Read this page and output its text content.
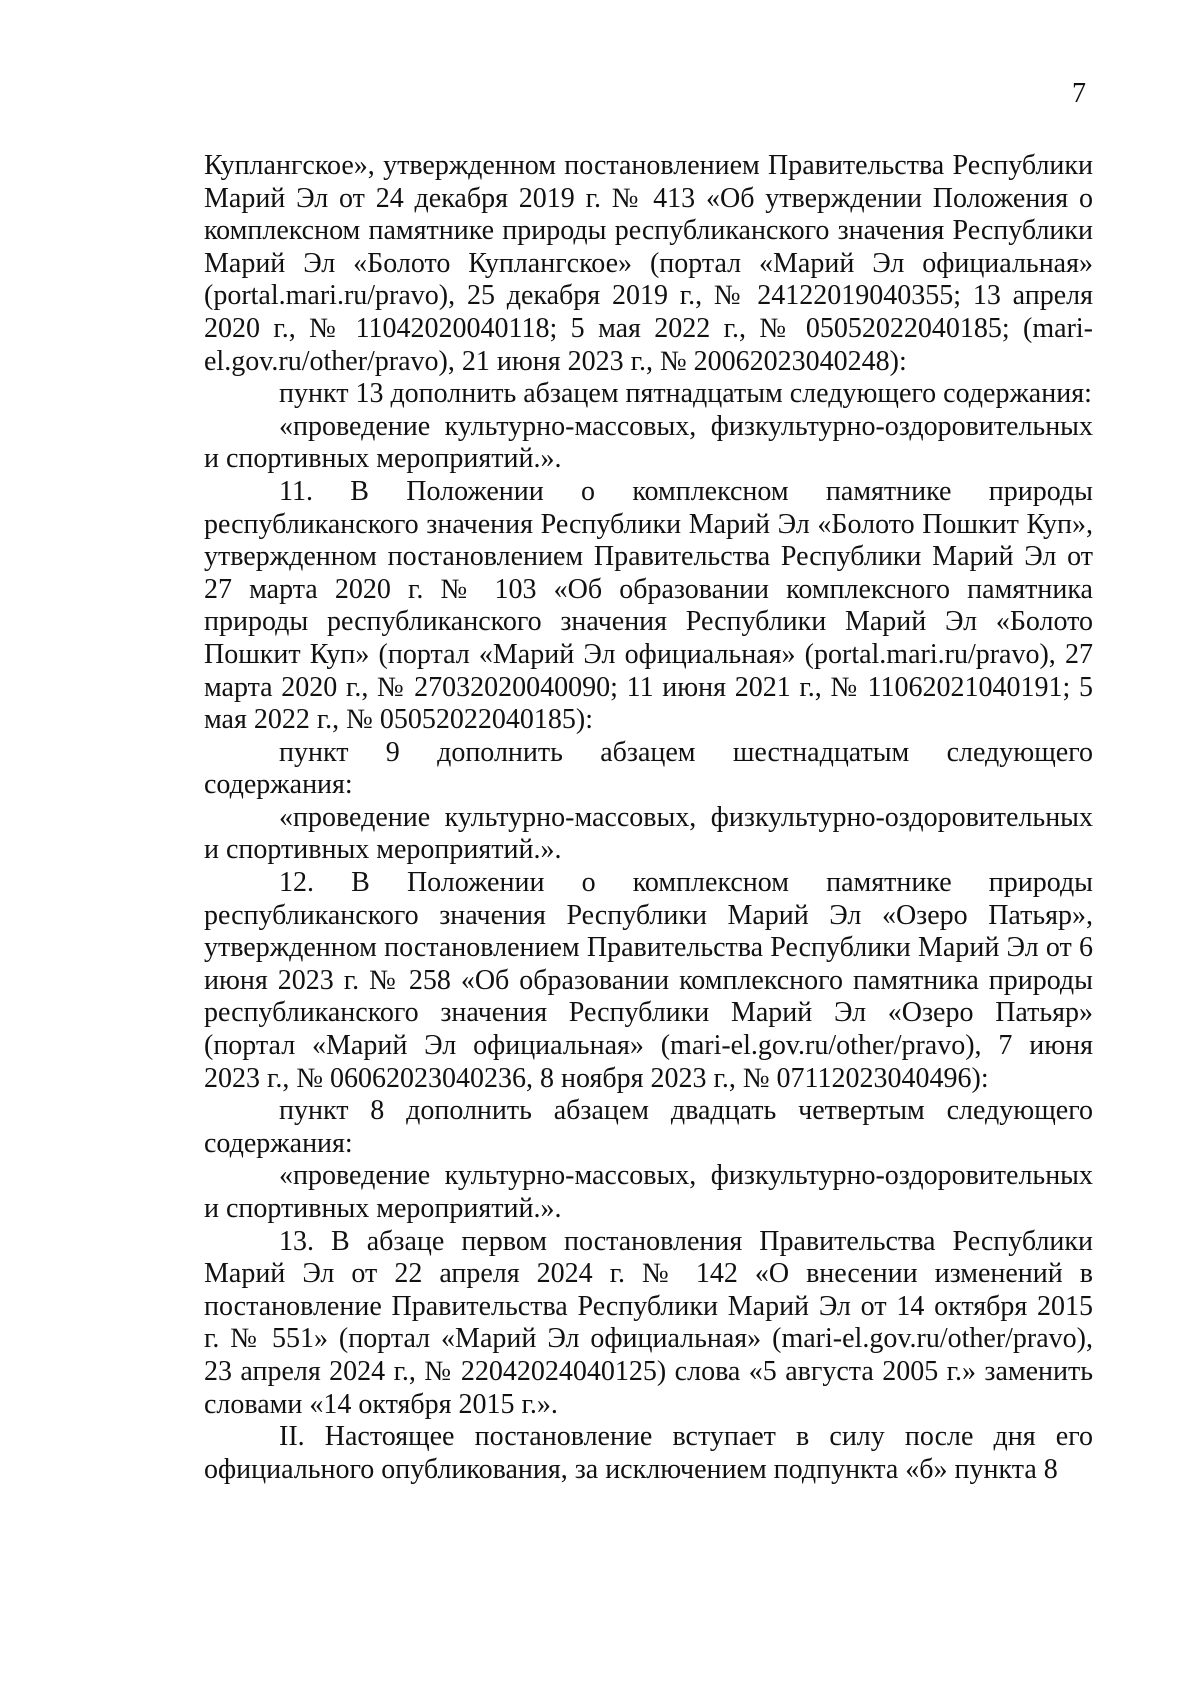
7

Куплангское», утвержденном постановлением Правительства Республики Марий Эл от 24 декабря 2019 г. № 413 «Об утверждении Положения о комплексном памятнике природы республиканского значения Республики Марий Эл «Болото Куплангское» (портал «Марий Эл официальная» (portal.mari.ru/pravo), 25 декабря 2019 г., № 24122019040355; 13 апреля 2020 г., № 11042020040118; 5 мая 2022 г., № 05052022040185; (mari-el.gov.ru/other/pravo), 21 июня 2023 г., № 20062023040248):

пункт 13 дополнить абзацем пятнадцатым следующего содержания:

«проведение культурно-массовых, физкультурно-оздоровительных и спортивных мероприятий.».

11. В Положении о комплексном памятнике природы республиканского значения Республики Марий Эл «Болото Пошкит Куп», утвержденном постановлением Правительства Республики Марий Эл от 27 марта 2020 г. № 103 «Об образовании комплексного памятника природы республиканского значения Республики Марий Эл «Болото Пошкит Куп» (портал «Марий Эл официальная» (portal.mari.ru/pravo), 27 марта 2020 г., № 27032020040090; 11 июня 2021 г., № 11062021040191; 5 мая 2022 г., № 05052022040185):

пункт 9 дополнить абзацем шестнадцатым следующего содержания:

«проведение культурно-массовых, физкультурно-оздоровительных и спортивных мероприятий.».

12. В Положении о комплексном памятнике природы республиканского значения Республики Марий Эл «Озеро Патьяр», утвержденном постановлением Правительства Республики Марий Эл от 6 июня 2023 г. № 258 «Об образовании комплексного памятника природы республиканского значения Республики Марий Эл «Озеро Патьяр» (портал «Марий Эл официальная» (mari-el.gov.ru/other/pravo), 7 июня 2023 г., № 06062023040236, 8 ноября 2023 г., № 07112023040496):

пункт 8 дополнить абзацем двадцать четвертым следующего содержания:

«проведение культурно-массовых, физкультурно-оздоровительных и спортивных мероприятий.».

13. В абзаце первом постановления Правительства Республики Марий Эл от 22 апреля 2024 г. № 142 «О внесении изменений в постановление Правительства Республики Марий Эл от 14 октября 2015 г. № 551» (портал «Марий Эл официальная» (mari-el.gov.ru/other/pravo), 23 апреля 2024 г., № 22042024040125) слова «5 августа 2005 г.» заменить словами «14 октября 2015 г.».

II. Настоящее постановление вступает в силу после дня его официального опубликования, за исключением подпункта «б» пункта 8
